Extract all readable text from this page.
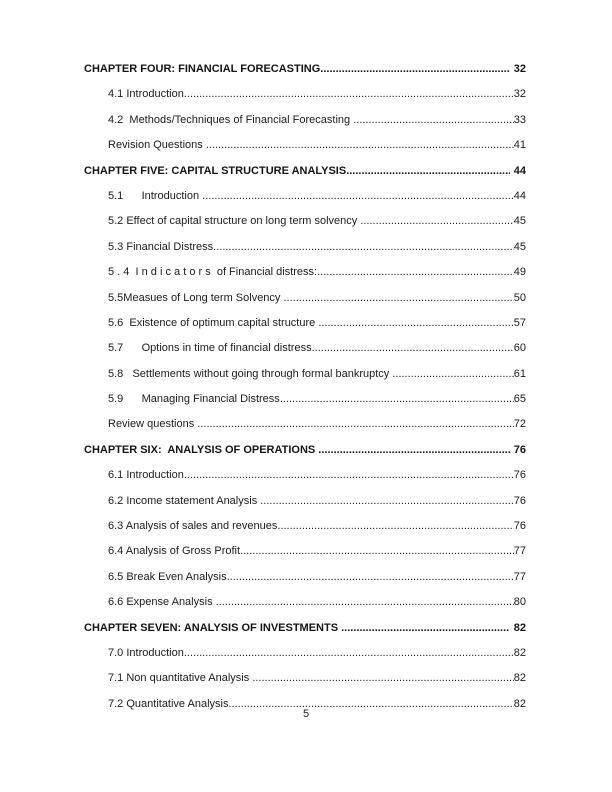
CHAPTER FOUR: FINANCIAL FORECASTING .....	32
4.1 Introduction .....	32
4.2  Methods/Techniques of Financial Forecasting .....	33
Revision Questions .....	41
CHAPTER FIVE: CAPITAL STRUCTURE ANALYSIS .....	44
5.1      Introduction .....	44
5.2 Effect of capital structure on long term solvency .....	45
5.3 Financial Distress .....	45
5 . 4  I n d i c a t o r s  of Financial distress: .....	49
5.5Measues of Long term Solvency .....	50
5.6  Existence of optimum capital structure .....	57
5.7      Options in time of financial distress. .....	60
5.8   Settlements without going through formal bankruptcy .....	61
5.9      Managing Financial Distress .....	65
Review questions .....	72
CHAPTER SIX:  ANALYSIS OF OPERATIONS .....	76
6.1 Introduction .....	76
6.2 Income statement Analysis .....	76
6.3 Analysis of sales and revenues .....	76
6.4 Analysis of Gross Profit .....	77
6.5 Break Even Analysis .....	77
6.6 Expense Analysis .....	80
CHAPTER SEVEN: ANALYSIS OF INVESTMENTS .....	82
7.0 Introduction .....	82
7.1 Non quantitative Analysis .....	82
7.2 Quantitative Analysis .....	82
5
